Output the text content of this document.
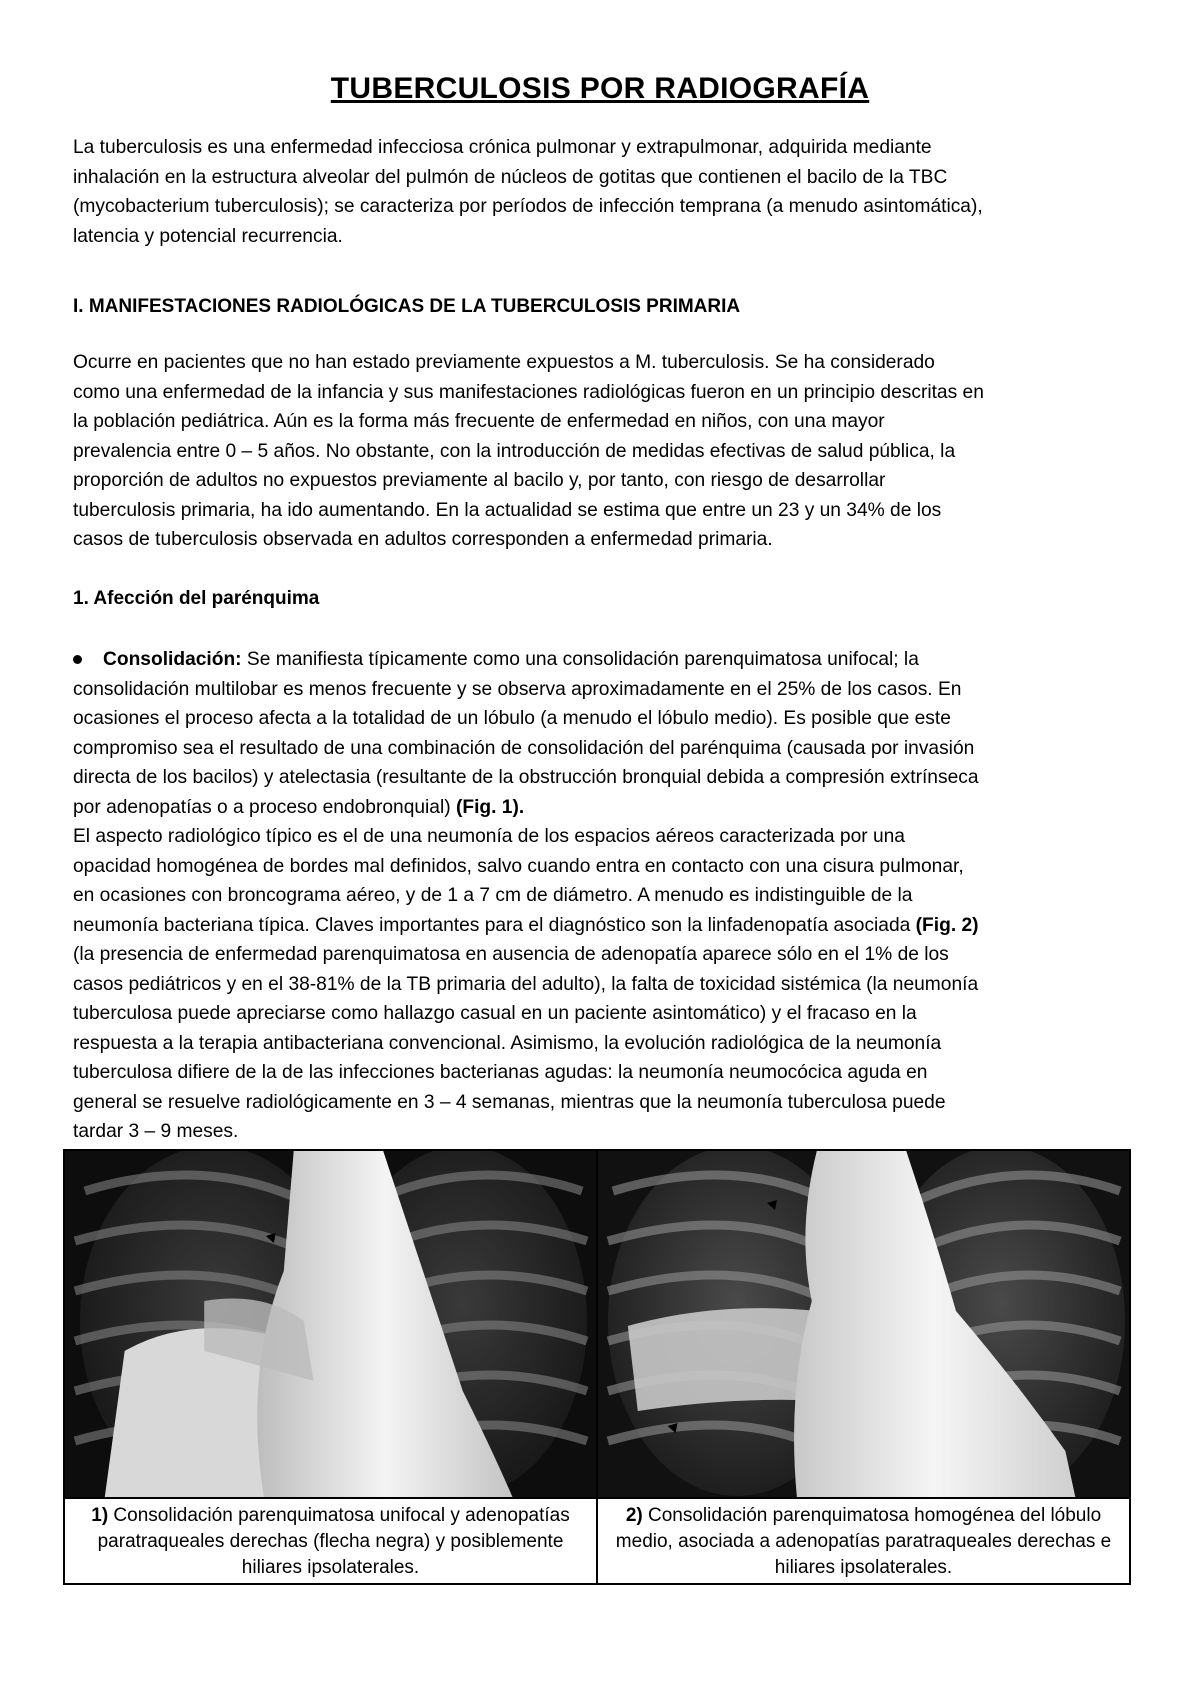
TUBERCULOSIS POR RADIOGRAFÍA
La tuberculosis es una enfermedad infecciosa crónica pulmonar y extrapulmonar, adquirida mediante
inhalación en la estructura alveolar del pulmón de núcleos de gotitas que contienen el bacilo de la TBC
(mycobacterium tuberculosis); se caracteriza por períodos de infección temprana (a menudo asintomática),
latencia y potencial recurrencia.
I. MANIFESTACIONES RADIOLÓGICAS DE LA TUBERCULOSIS PRIMARIA
Ocurre en pacientes que no han estado previamente expuestos a M. tuberculosis. Se ha considerado
como una enfermedad de la infancia y sus manifestaciones radiológicas fueron en un principio descritas en
la población pediátrica. Aún es la forma más frecuente de enfermedad en niños, con una mayor
prevalencia entre 0 – 5 años. No obstante, con la introducción de medidas efectivas de salud pública, la
proporción de adultos no expuestos previamente al bacilo y, por tanto, con riesgo de desarrollar
tuberculosis primaria, ha ido aumentando. En la actualidad se estima que entre un 23 y un 34% de los
casos de tuberculosis observada en adultos corresponden a enfermedad primaria.
1. Afección del parénquima
Consolidación: Se manifiesta típicamente como una consolidación parenquimatosa unifocal; la
consolidación multilobar es menos frecuente y se observa aproximadamente en el 25% de los casos. En
ocasiones el proceso afecta a la totalidad de un lóbulo (a menudo el lóbulo medio). Es posible que este
compromiso sea el resultado de una combinación de consolidación del parénquima (causada por invasión
directa de los bacilos) y atelectasia (resultante de la obstrucción bronquial debida a compresión extrínseca
por adenopatías o a proceso endobronquial) (Fig. 1).
El aspecto radiológico típico es el de una neumonía de los espacios aéreos caracterizada por una
opacidad homogénea de bordes mal definidos, salvo cuando entra en contacto con una cisura pulmonar,
en ocasiones con broncograma aéreo, y de 1 a 7 cm de diámetro. A menudo es indistinguible de la
neumonía bacteriana típica. Claves importantes para el diagnóstico son la linfadenopatía asociada (Fig. 2)
(la presencia de enfermedad parenquimatosa en ausencia de adenopatía aparece sólo en el 1% de los
casos pediátricos y en el 38-81% de la TB primaria del adulto), la falta de toxicidad sistémica (la neumonía
tuberculosa puede apreciarse como hallazgo casual en un paciente asintomático) y el fracaso en la
respuesta a la terapia antibacteriana convencional. Asimismo, la evolución radiológica de la neumonía
tuberculosa difiere de la de las infecciones bacterianas agudas: la neumonía neumocócica aguda en
general se resuelve radiológicamente en 3 – 4 semanas, mientras que la neumonía tuberculosa puede
tardar 3 – 9 meses.

1) Consolidación parenquimatosa unifocal y adenopatías paratraqueales derechas (flecha negra) y posiblemente hiliares ipsolaterales.	2) Consolidación parenquimatosa homogénea del lóbulo medio, asociada a adenopatías paratraqueales derechas e hiliares ipsolaterales.
